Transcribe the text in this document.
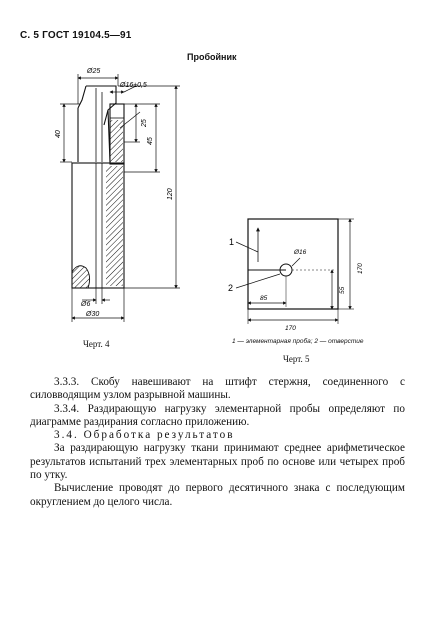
С. 5 ГОСТ 19104.5—91
Пробойник
Ø25
Ø16±0,5
40
25
45
120
Ø6
Ø30
1
2
Ø16
170
55
85
170
Черт. 4	1 — элементарная проба; 2 — отверстие
Черт. 5

3.3.3. Скобу навешивают на штифт стержня, соединенного с силовводящим узлом разрывной машины.

3.3.4. Раздирающую нагрузку элементарной пробы определяют по диаграмме раздирания согласно приложению.

3.4. Обработка результатов

За раздирающую нагрузку ткани принимают среднее арифметическое результатов испытаний трех элементарных проб по основе или четырех проб по утку.

Вычисление проводят до первого десятичного знака с последующим округлением до целого числа.
